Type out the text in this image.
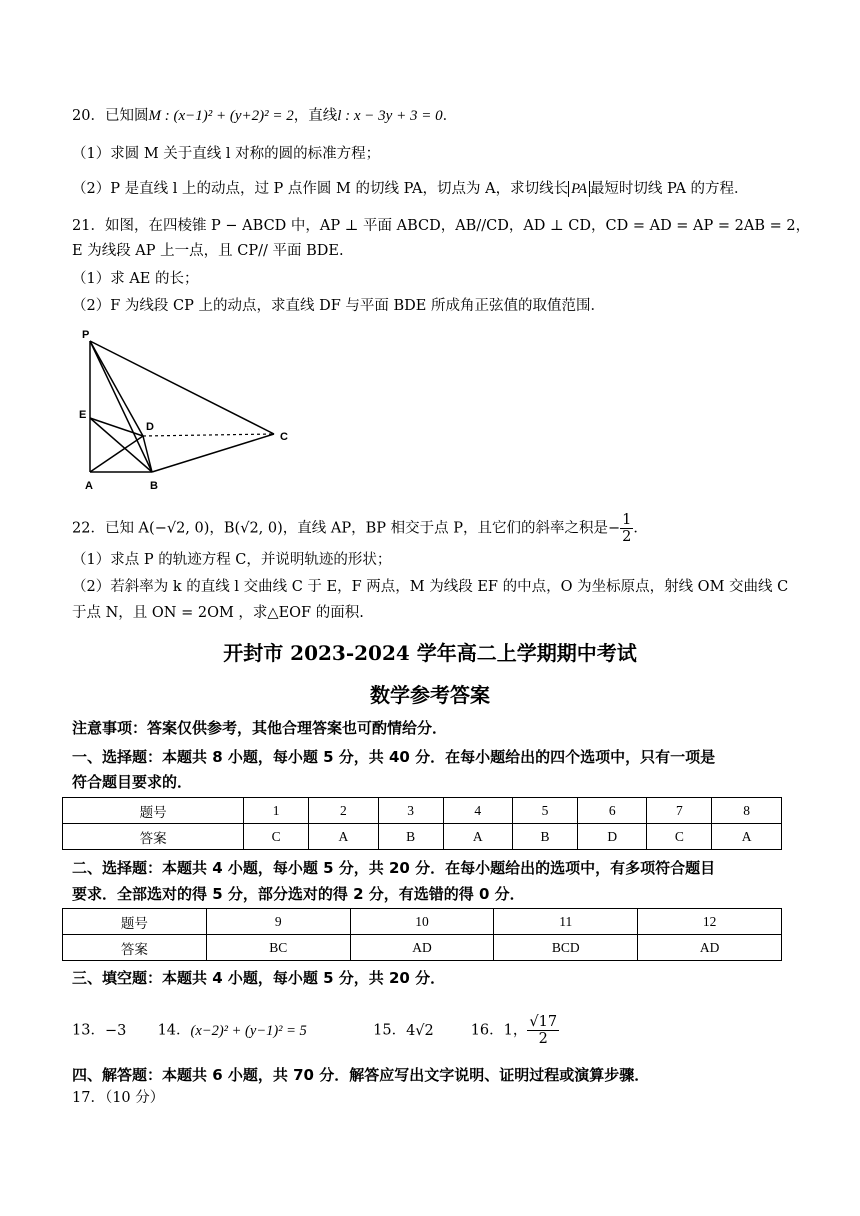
20．已知圆M : (x−1)² + (y+2)² = 2，直线l : x − 3y + 3 = 0．
（1）求圆 M 关于直线 l 对称的圆的标准方程；
（2）P 是直线 l 上的动点，过 P 点作圆 M 的切线 PA，切点为 A，求切线长 PA 最短时切线 PA 的方程．
21．如图，在四棱锥 P − ABCD 中，AP ⊥ 平面 ABCD，AB//CD，AD ⊥ CD，CD = AD = AP = 2AB = 2，
E 为线段 AP 上一点，且 CP// 平面 BDE.
（1）求 AE 的长；
（2）F 为线段 CP 上的动点，求直线 DF 与平面 BDE 所成角正弦值的取值范围．
P
E
D
C
A	B
22．已知 A(−√2, 0)，B(√2, 0)，直线 AP，BP 相交于点 P，且它们的斜率之积是− $\frac{1}{2}$ ．
（1）求点 P 的轨迹方程 C，并说明轨迹的形状；
（2）若斜率为 k 的直线 l 交曲线 C 于 E，F 两点，M 为线段 EF 的中点，O 为坐标原点，射线 OM 交曲线 C
于点 N，且 ON = 2OM ，求△EOF 的面积.
开封市 2023-2024 学年高二上学期期中考试
数学参考答案
注意事项：答案仅供参考，其他合理答案也可酌情给分．
一、选择题：本题共 8 小题，每小题 5 分，共 40 分．在每小题给出的四个选项中，只有一项是
符合题目要求的．
题号	1	2	3	4	5	6	7	8
答案	C	A	B	A	B	D	C	A
二、选择题：本题共 4 小题，每小题 5 分，共 20 分．在每小题给出的选项中，有多项符合题目
要求．全部选对的得 5 分，部分选对的得 2 分，有选错的得 0 分．
题号	9	10	11	12
答案	BC	AD	BCD	AD
三、填空题：本题共 4 小题，每小题 5 分，共 20 分．
13．−3 14．(x−2)² + (y−1)² = 5	15．4√2	16．1， $\frac{√17}{2}$
四、解答题：本题共 6 小题，共 70 分．解答应写出文字说明、证明过程或演算步骤．
17．（10 分）
